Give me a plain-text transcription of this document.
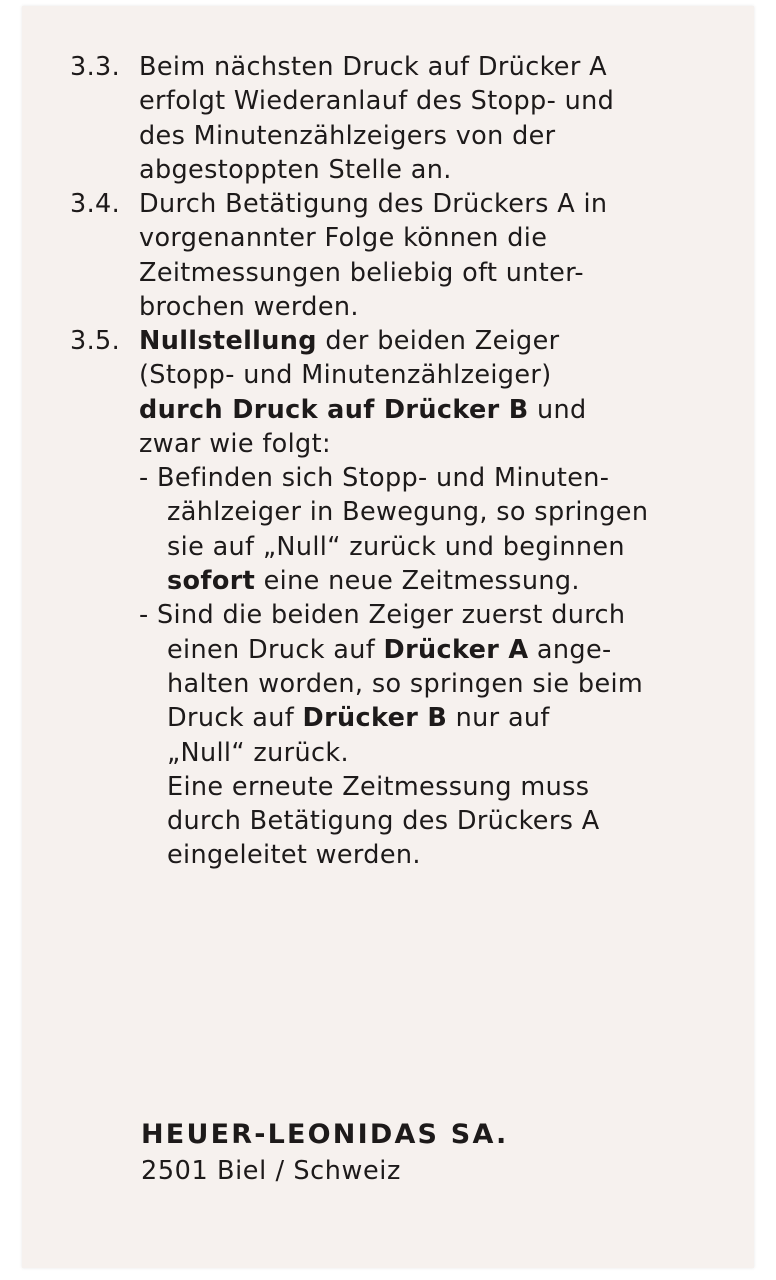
3.3. Beim nächsten Druck auf Drücker A
erfolgt Wiederanlauf des Stopp- und
des Minutenzählzeigers von der
abgestoppten Stelle an.
3.4. Durch Betätigung des Drückers A in
vorgenannter Folge können die
Zeitmessungen beliebig oft unter-
brochen werden.
3.5. Nullstellung der beiden Zeiger
(Stopp- und Minutenzählzeiger)
durch Druck auf Drücker B und
zwar wie folgt:
- Befinden sich Stopp- und Minuten-
zählzeiger in Bewegung, so springen
sie auf „Null“ zurück und beginnen
sofort eine neue Zeitmessung.
- Sind die beiden Zeiger zuerst durch
einen Druck auf Drücker A ange-
halten worden, so springen sie beim
Druck auf Drücker B nur auf
„Null“ zurück.
Eine erneute Zeitmessung muss
durch Betätigung des Drückers A
eingeleitet werden.
HEUER-LEONIDAS SA.
2501 Biel / Schweiz
